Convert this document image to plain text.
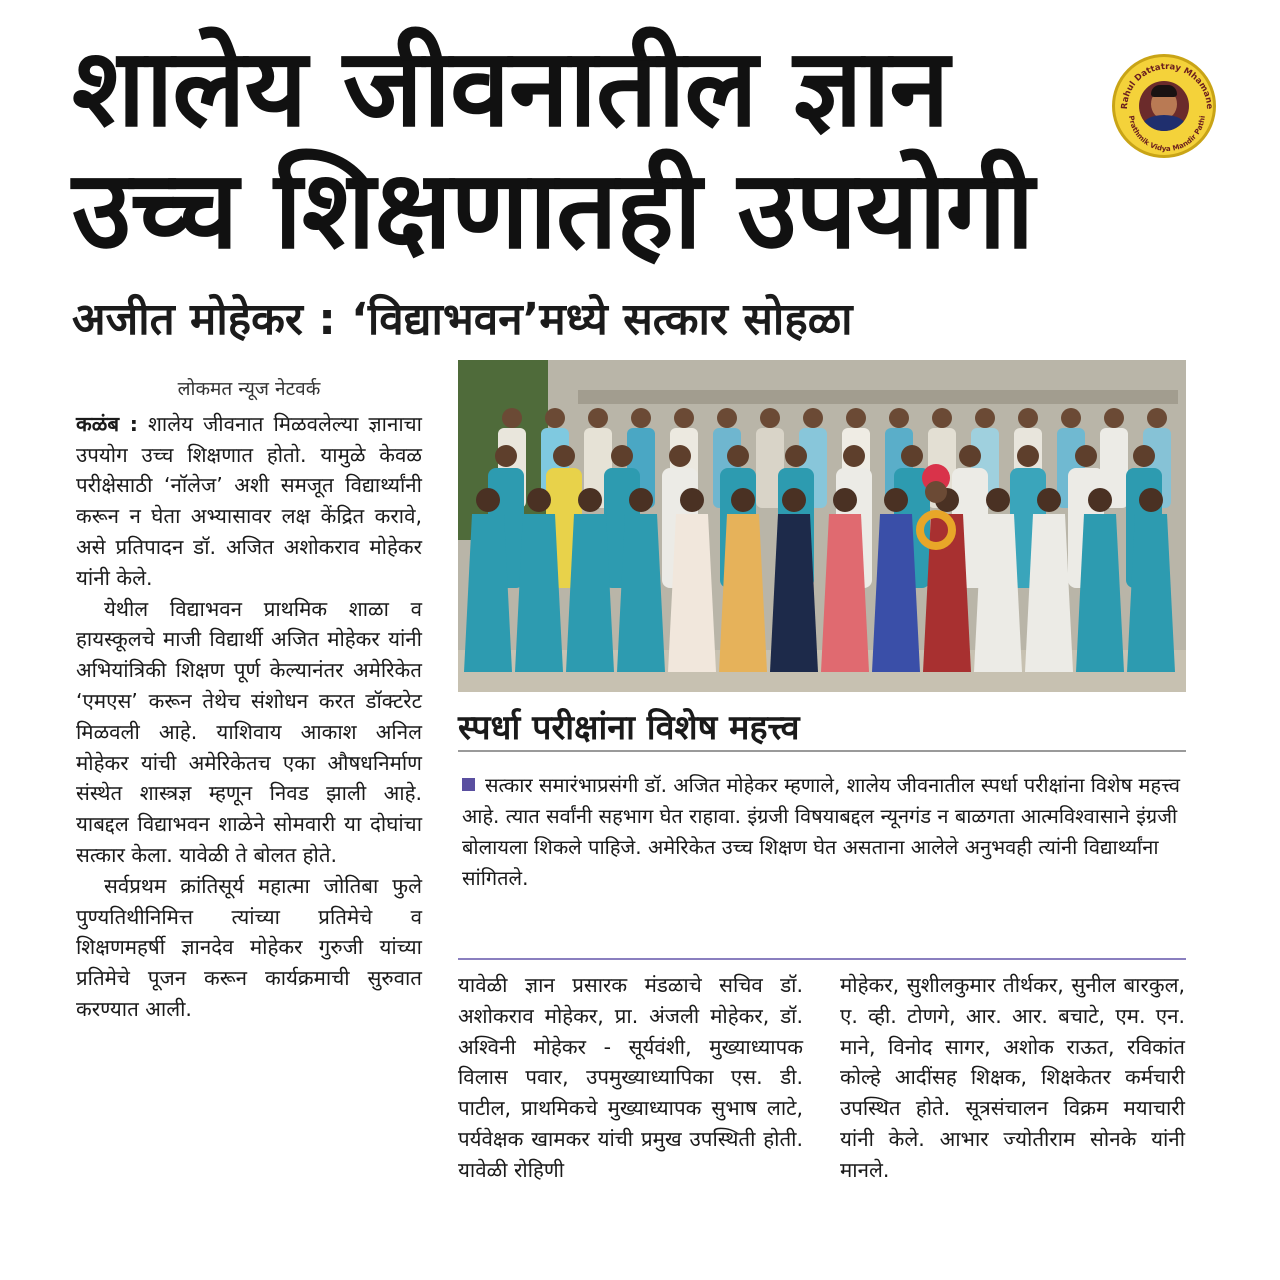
शालेय जीवनातील ज्ञान
उच्च शिक्षणातही उपयोगी
Rahul Dattatray Mhamane
Prathmik Vidya Mandir Pathi
अजीत मोहेकर : ‘विद्याभवन’मध्ये सत्कार सोहळा
लोकमत न्यूज नेटवर्क

कळंब : शालेय जीवनात मिळवलेल्या ज्ञानाचा उपयोग उच्च शिक्षणात होतो. यामुळे केवळ परीक्षेसाठी ‘नॉलेज’ अशी समजूत विद्यार्थ्यांनी करून न घेता अभ्यासावर लक्ष केंद्रित करावे, असे प्रतिपादन डॉ. अजित अशोकराव मोहेकर यांनी केले.

येथील विद्याभवन प्राथमिक शाळा व हायस्कूलचे माजी विद्यार्थी अजित मोहेकर यांनी अभियांत्रिकी शिक्षण पूर्ण केल्यानंतर अमेरिकेत ‘एमएस’ करून तेथेच संशोधन करत डॉक्टरेट मिळवली आहे. याशिवाय आकाश अनिल मोहेकर यांची अमेरिकेतच एका औषधनिर्माण संस्थेत शास्त्रज्ञ म्हणून निवड झाली आहे. याबद्दल विद्याभवन शाळेने सोमवारी या दोघांचा सत्कार केला. यावेळी ते बोलत होते.

सर्वप्रथम क्रांतिसूर्य महात्मा जोतिबा फुले पुण्यतिथीनिमित्त त्यांच्या प्रतिमेचे व शिक्षणमहर्षी ज्ञानदेव मोहेकर गुरुजी यांच्या प्रतिमेचे पूजन करून कार्यक्रमाची सुरुवात करण्यात आली.

स्पर्धा परीक्षांना विशेष महत्त्व

सत्कार समारंभाप्रसंगी डॉ. अजित मोहेकर म्हणाले, शालेय जीवनातील स्पर्धा परीक्षांना विशेष महत्त्व आहे. त्यात सर्वांनी सहभाग घेत राहावा. इंग्रजी विषयाबद्दल न्यूनगंड न बाळगता आत्मविश्वासाने इंग्रजी बोलायला शिकले पाहिजे. अमेरिकेत उच्च शिक्षण घेत असताना आलेले अनुभवही त्यांनी विद्यार्थ्यांना सांगितले.

यावेळी ज्ञान प्रसारक मंडळाचे सचिव डॉ. अशोकराव मोहेकर, प्रा. अंजली मोहेकर, डॉ. अश्विनी मोहेकर - सूर्यवंशी, मुख्याध्यापक विलास पवार, उपमुख्याध्यापिका एस. डी. पाटील, प्राथमिकचे मुख्याध्यापक सुभाष लाटे, पर्यवेक्षक खामकर यांची प्रमुख उपस्थिती होती. यावेळी रोहिणी

मोहेकर, सुशीलकुमार तीर्थकर, सुनील बारकुल, ए. व्ही. टोणगे, आर. आर. बचाटे, एम. एन. माने, विनोद सागर, अशोक राऊत, रविकांत कोल्हे आदींसह शिक्षक, शिक्षकेतर कर्मचारी उपस्थित होते. सूत्रसंचालन विक्रम मयाचारी यांनी केले. आभार ज्योतीराम सोनके यांनी मानले.
